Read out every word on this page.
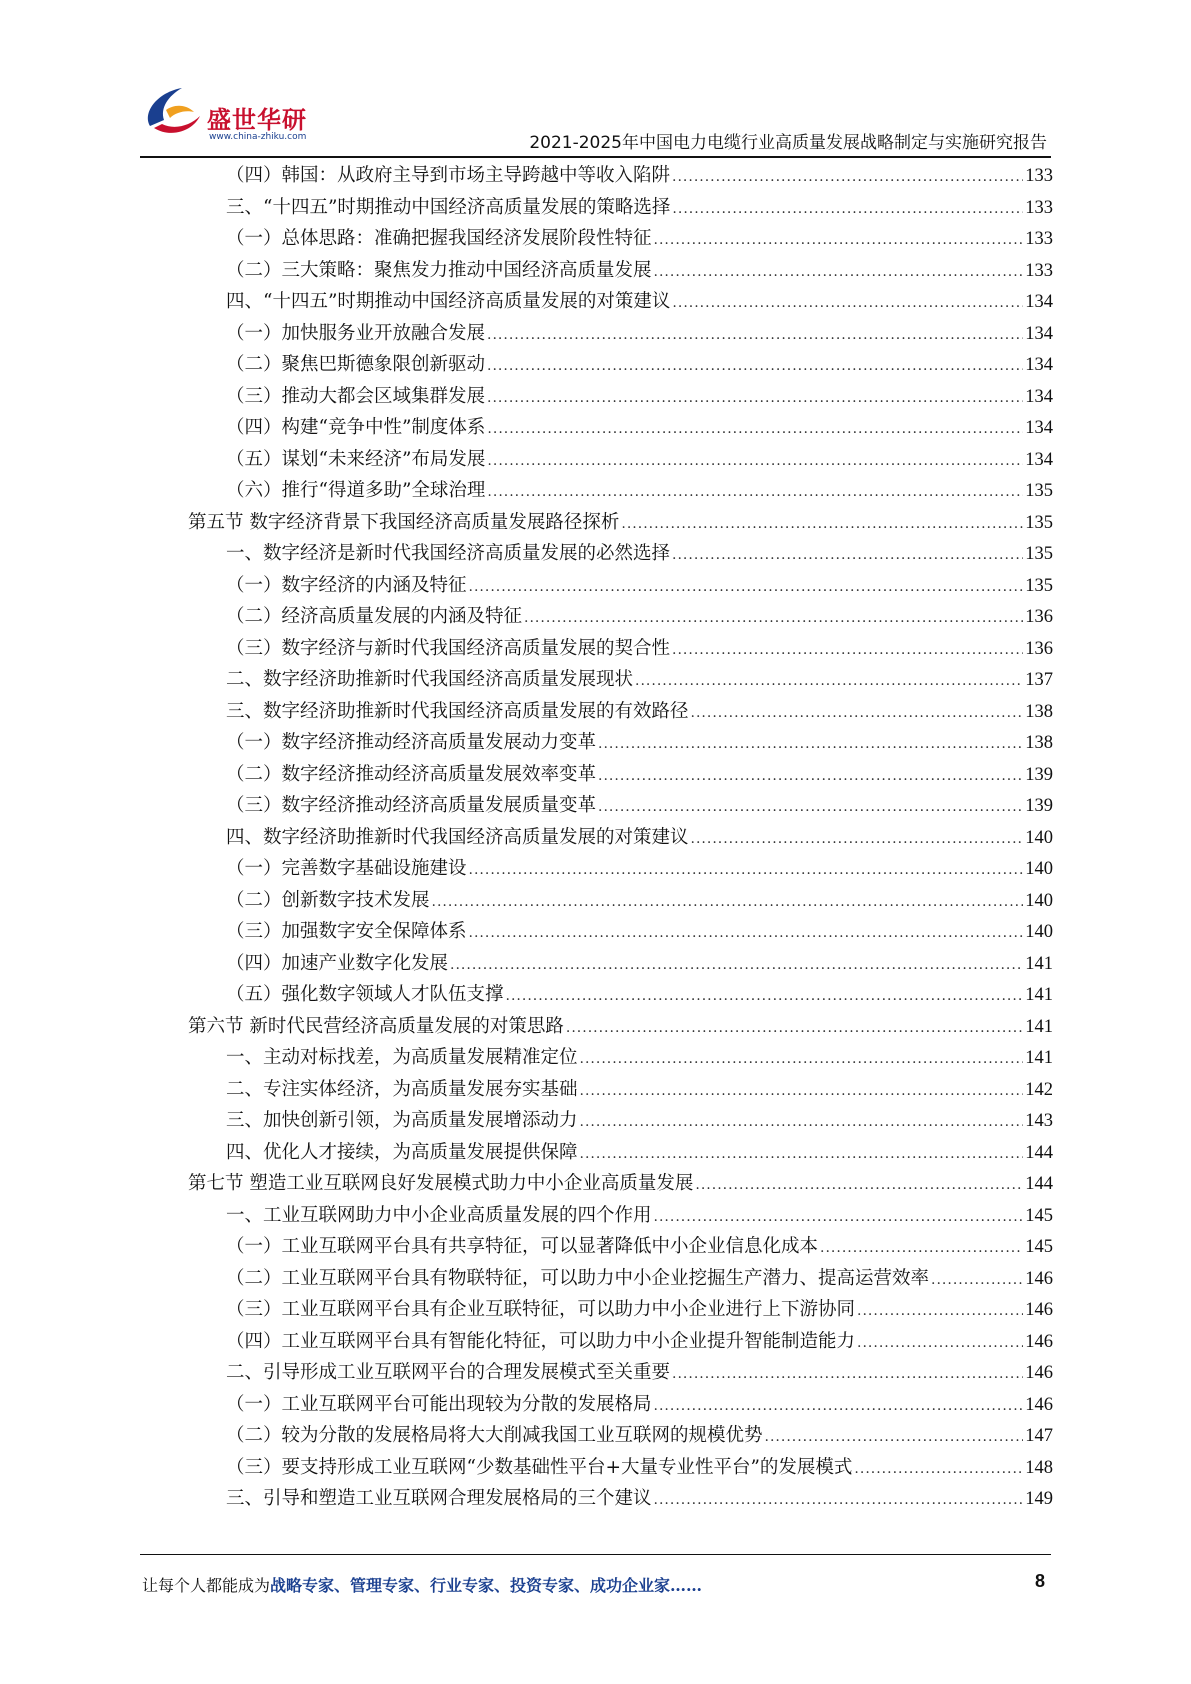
盛世华研
www.china-zhiku.com	2021-2025年中国电力电缆行业高质量发展战略制定与实施研究报告
（四）韩国：从政府主导到市场主导跨越中等收入陷阱 .....	133
三、“十四五”时期推动中国经济高质量发展的策略选择 .....	133
（一）总体思路：准确把握我国经济发展阶段性特征 .....	133
（二）三大策略：聚焦发力推动中国经济高质量发展 .....	133
四、“十四五”时期推动中国经济高质量发展的对策建议 .....	134
（一）加快服务业开放融合发展 .....	134
（二）聚焦巴斯德象限创新驱动 .....	134
（三）推动大都会区域集群发展 .....	134
（四）构建“竞争中性”制度体系 .....	134
（五）谋划“未来经济”布局发展 .....	134
（六）推行“得道多助”全球治理 .....	135
第五节 数字经济背景下我国经济高质量发展路径探析 .....	135
一、数字经济是新时代我国经济高质量发展的必然选择 .....	135
（一）数字经济的内涵及特征 .....	135
（二）经济高质量发展的内涵及特征 .....	136
（三）数字经济与新时代我国经济高质量发展的契合性 .....	136
二、数字经济助推新时代我国经济高质量发展现状 .....	137
三、数字经济助推新时代我国经济高质量发展的有效路径 .....	138
（一）数字经济推动经济高质量发展动力变革 .....	138
（二）数字经济推动经济高质量发展效率变革 .....	139
（三）数字经济推动经济高质量发展质量变革 .....	139
四、数字经济助推新时代我国经济高质量发展的对策建议 .....	140
（一）完善数字基础设施建设 .....	140
（二）创新数字技术发展 .....	140
（三）加强数字安全保障体系 .....	140
（四）加速产业数字化发展 .....	141
（五）强化数字领域人才队伍支撑 .....	141
第六节 新时代民营经济高质量发展的对策思路 .....	141
一、主动对标找差，为高质量发展精准定位 .....	141
二、专注实体经济，为高质量发展夯实基础 .....	142
三、加快创新引领，为高质量发展增添动力 .....	143
四、优化人才接续，为高质量发展提供保障 .....	144
第七节 塑造工业互联网良好发展模式助力中小企业高质量发展 .....	144
一、工业互联网助力中小企业高质量发展的四个作用 .....	145
（一）工业互联网平台具有共享特征，可以显著降低中小企业信息化成本 .....	145
（二）工业互联网平台具有物联特征，可以助力中小企业挖掘生产潜力、提高运营效率 .....	146
（三）工业互联网平台具有企业互联特征，可以助力中小企业进行上下游协同 .....	146
（四）工业互联网平台具有智能化特征，可以助力中小企业提升智能制造能力 .....	146
二、引导形成工业互联网平台的合理发展模式至关重要 .....	146
（一）工业互联网平台可能出现较为分散的发展格局 .....	146
（二）较为分散的发展格局将大大削减我国工业互联网的规模优势 .....	147
（三）要支持形成工业互联网“少数基础性平台+大量专业性平台”的发展模式 .....	148
三、引导和塑造工业互联网合理发展格局的三个建议 .....	149
让每个人都能成为战略专家、管理专家、行业专家、投资专家、成功企业家……	8
